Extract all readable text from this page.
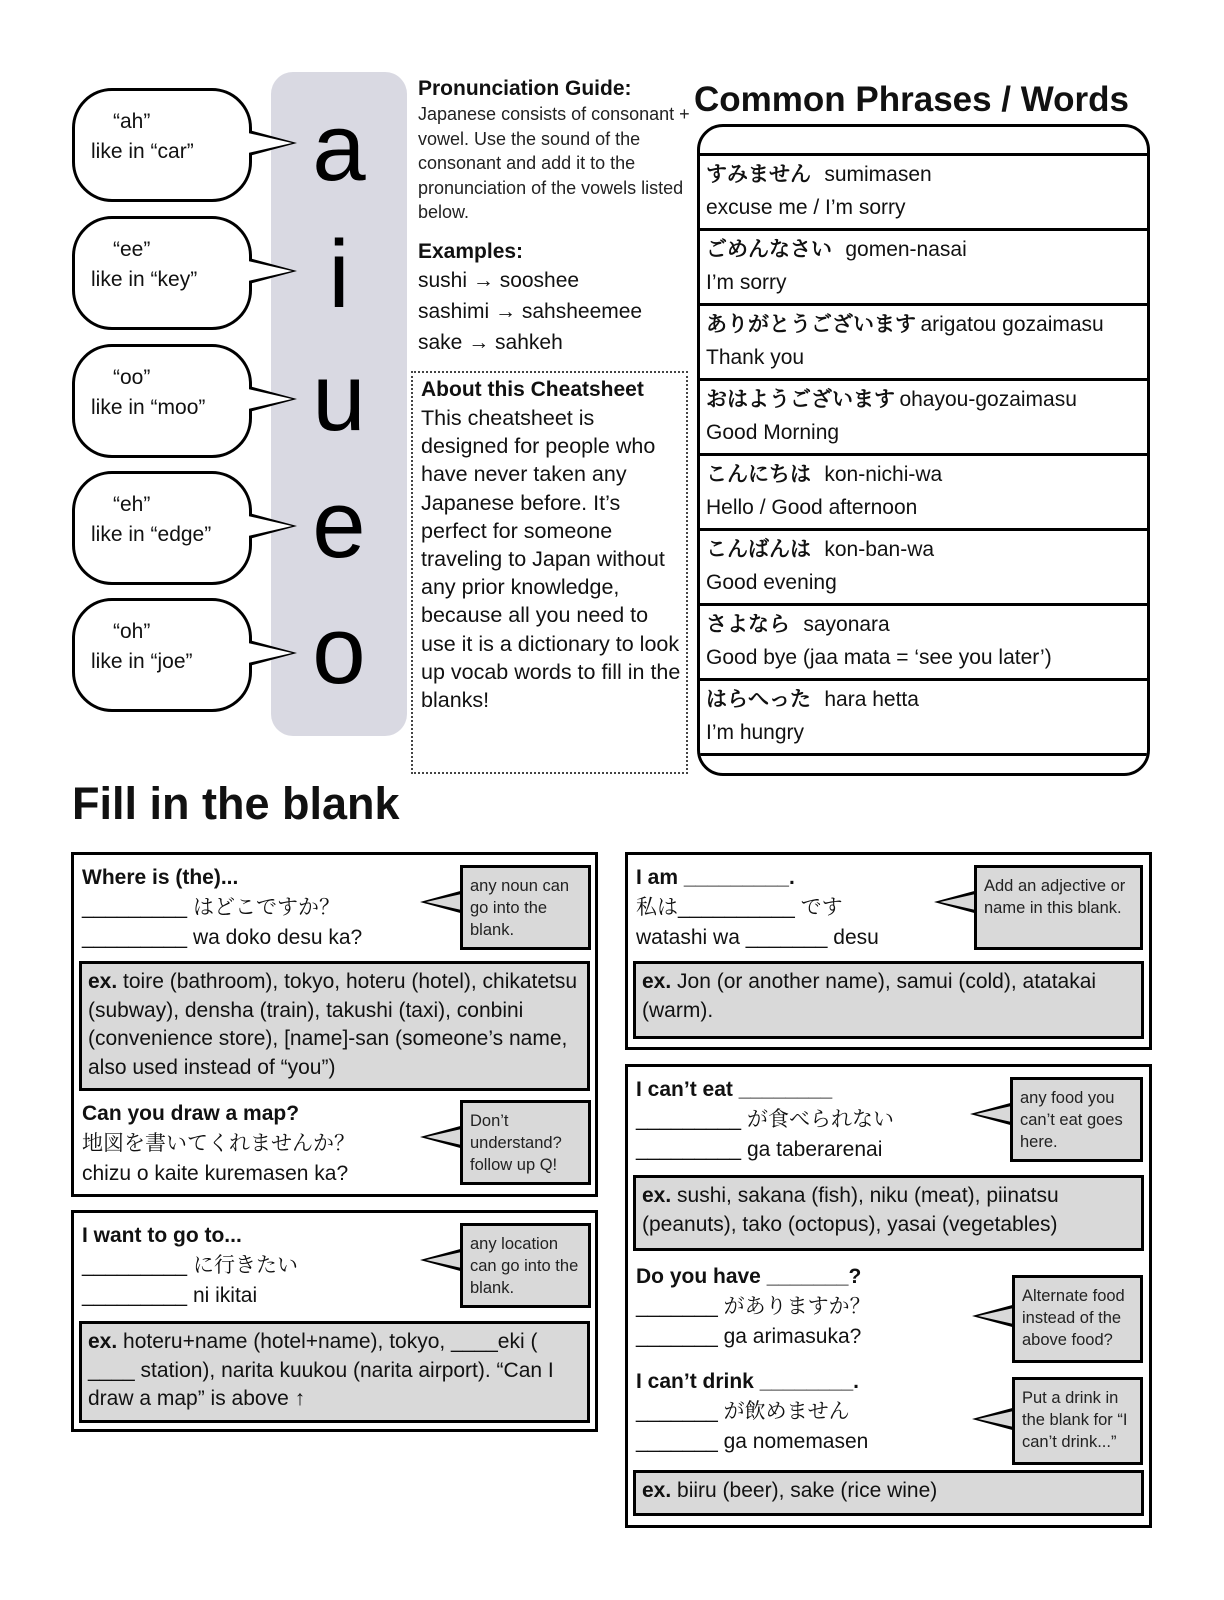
a
i
u
e
o
“ah”
like in “car”
“ee”
like in “key”
“oo”
like in “moo”
“eh”
like in “edge”
“oh”
like in “joe”
Pronunciation Guide:

Japanese consists of consonant + vowel. Use the sound of the consonant and add it to the pronunciation of the vowels listed below.

Examples:
sushi → sooshee
sashimi → sahsheemee
sake → sahkeh
About this Cheatsheet

This cheatsheet is designed for people who have never taken any Japanese before. It’s perfect for someone traveling to Japan without any prior knowledge, because all you need to use it is a dictionary to look up vocab words to fill in the blanks!

Common Phrases / Words
すみません sumimasen
excuse me / I’m sorry
ごめんなさい gomen-nasai
I’m sorry
ありがとうございます arigatou gozaimasu
Thank you
おはようございます ohayou-gozaimasu
Good Morning
こんにちは kon-nichi-wa
Hello / Good afternoon
こんばんは kon-ban-wa
Good evening
さよなら sayonara
Good bye (jaa mata = ‘see you later’)
はらへった hara hetta
I’m hungry
Fill in the blank
Where is (the)...
_________ はどこですか？
_________ wa doko desu ka?
any noun can go into the blank.
ex. toire (bathroom), tokyo, hoteru (hotel), chikatetsu (subway), densha (train), takushi (taxi), conbini (convenience store), [name]-san (someone’s name, also used instead of “you”)
Can you draw a map?
地図を書いてくれませんか？
chizu o kaite kuremasen ka?
Don’t understand? follow up Q!
I want to go to...
_________ に行きたい
_________ ni ikitai
any location can go into the blank.
ex. hoteru+name (hotel+name), tokyo, ____eki ( ____ station), narita kuukou (narita airport). “Can I draw a map” is above ↑
I am _________.
私は__________ です
watashi wa _______ desu
Add an adjective or name in this blank.
ex. Jon (or another name), samui (cold), atatakai (warm).
I can’t eat ________
_________ が食べられない
_________ ga taberarenai
any food you can’t eat goes here.
ex. sushi, sakana (fish), niku (meat), piinatsu (peanuts), tako (octopus), yasai (vegetables)
Do you have _______?
_______ がありますか？
_______ ga arimasuka?
Alternate food instead of the above food?
I can’t drink ________.
_______ が飲めません
_______ ga nomemasen
Put a drink in the blank for “I can’t drink...”
ex. biiru (beer), sake (rice wine)
